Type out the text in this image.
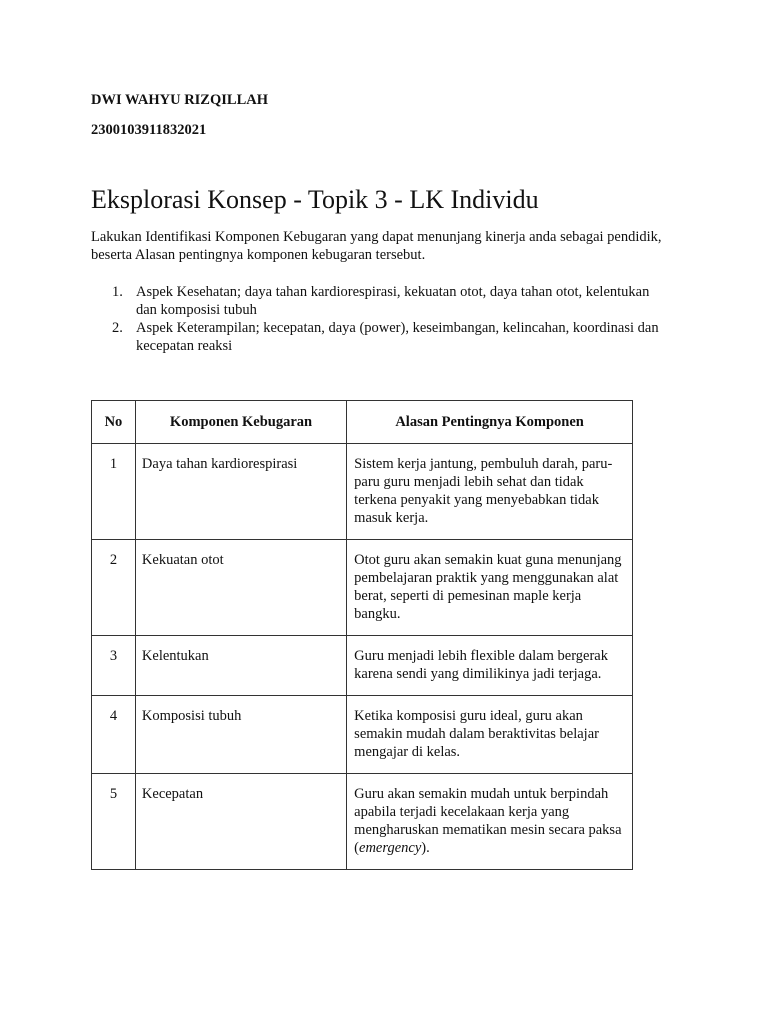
DWI WAHYU RIZQILLAH
2300103911832021
Eksplorasi Konsep - Topik 3 - LK Individu

Lakukan Identifikasi Komponen Kebugaran yang dapat menunjang kinerja anda sebagai pendidik, beserta Alasan pentingnya komponen kebugaran tersebut.

1. Aspek Kesehatan; daya tahan kardiorespirasi, kekuatan otot, daya tahan otot, kelentukan dan komposisi tubuh
2. Aspek Keterampilan; kecepatan, daya (power), keseimbangan, kelincahan, koordinasi dan kecepatan reaksi
No	Komponen Kebugaran	Alasan Pentingnya Komponen
1	Daya tahan kardiorespirasi	Sistem kerja jantung, pembuluh darah, paru-paru guru menjadi lebih sehat dan tidak terkena penyakit yang menyebabkan tidak masuk kerja.
2	Kekuatan otot	Otot guru akan semakin kuat guna menunjang pembelajaran praktik yang menggunakan alat berat, seperti di pemesinan maple kerja bangku.
3	Kelentukan	Guru menjadi lebih flexible dalam bergerak karena sendi yang dimilikinya jadi terjaga.
4	Komposisi tubuh	Ketika komposisi guru ideal, guru akan semakin mudah dalam beraktivitas belajar mengajar di kelas.
5	Kecepatan	Guru akan semakin mudah untuk berpindah apabila terjadi kecelakaan kerja yang mengharuskan mematikan mesin secara paksa (emergency).
